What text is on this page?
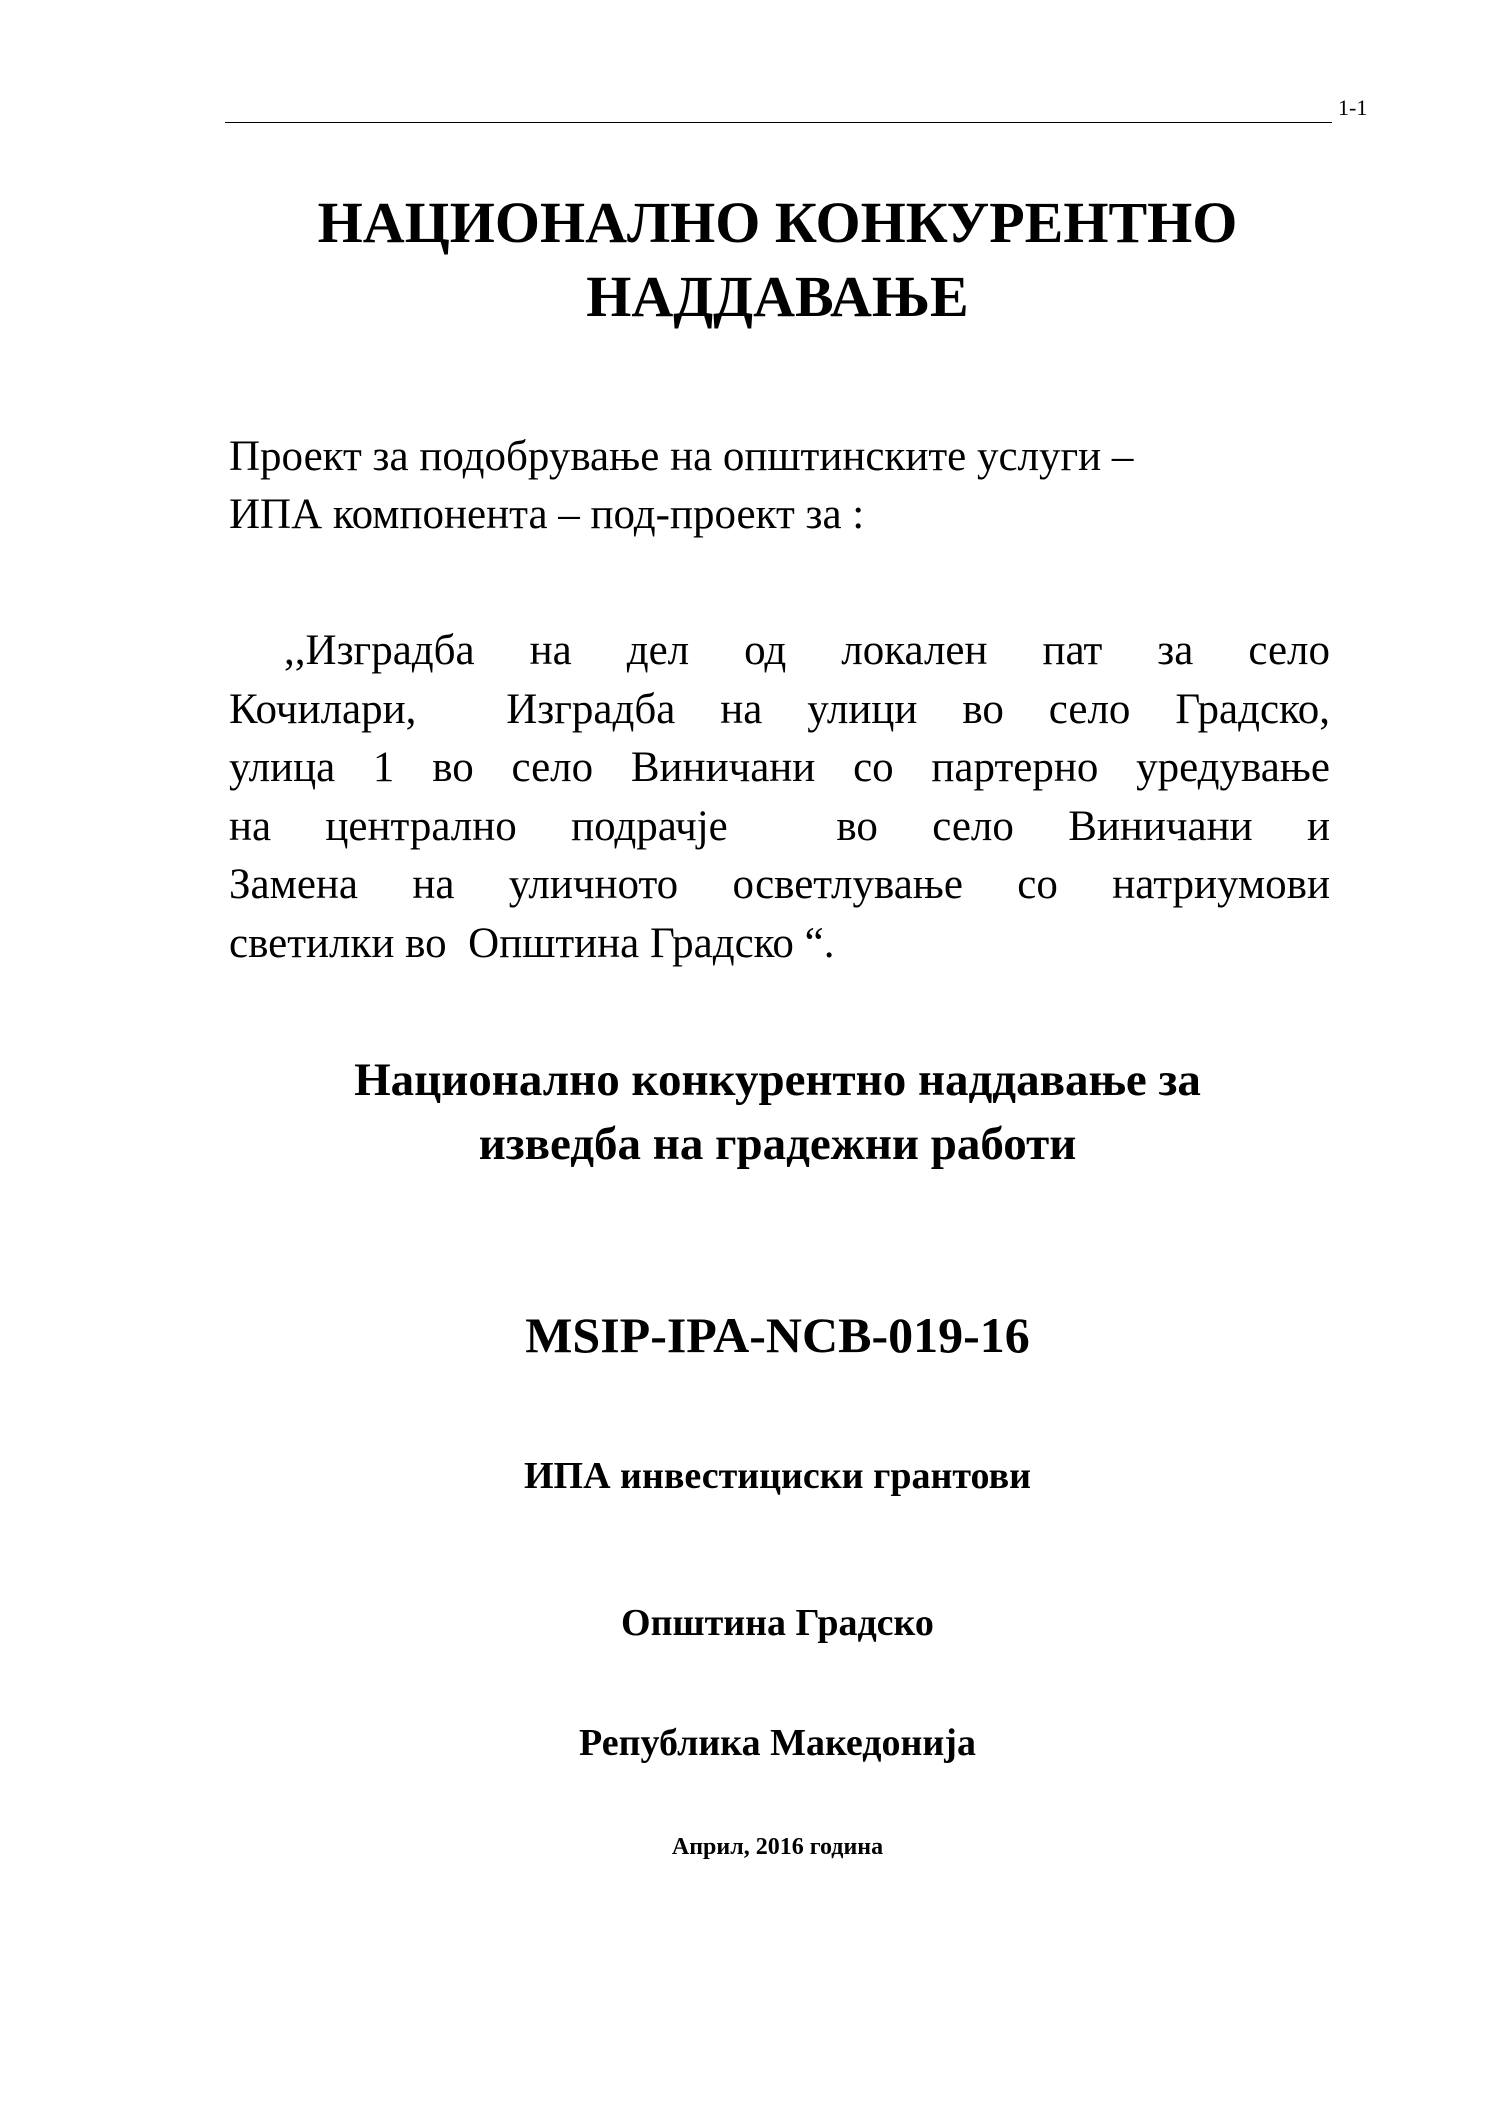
1-1
НАЦИОНАЛНО КОНКУРЕНТНО
НАДДАВАЊЕ

Проект за подобрување на општинските услуги –
ИПА компонента – под-проект за :

,,Изградба на дел од локален пат за село
Кочилари,  Изградба на улици во село Градско,
улица 1 во село Виничани со партерно уредување
на централно подрачје  во село Виничани и
Замена на уличното осветлување со натриумови
светилки во  Општина Градско “.

Национално конкурентно наддавање за
изведба на градежни работи
MSIP-IPA-NCB-019-16
ИПА инвестициски грантови
Општина Градско
Република Македонија
Април, 2016 година
